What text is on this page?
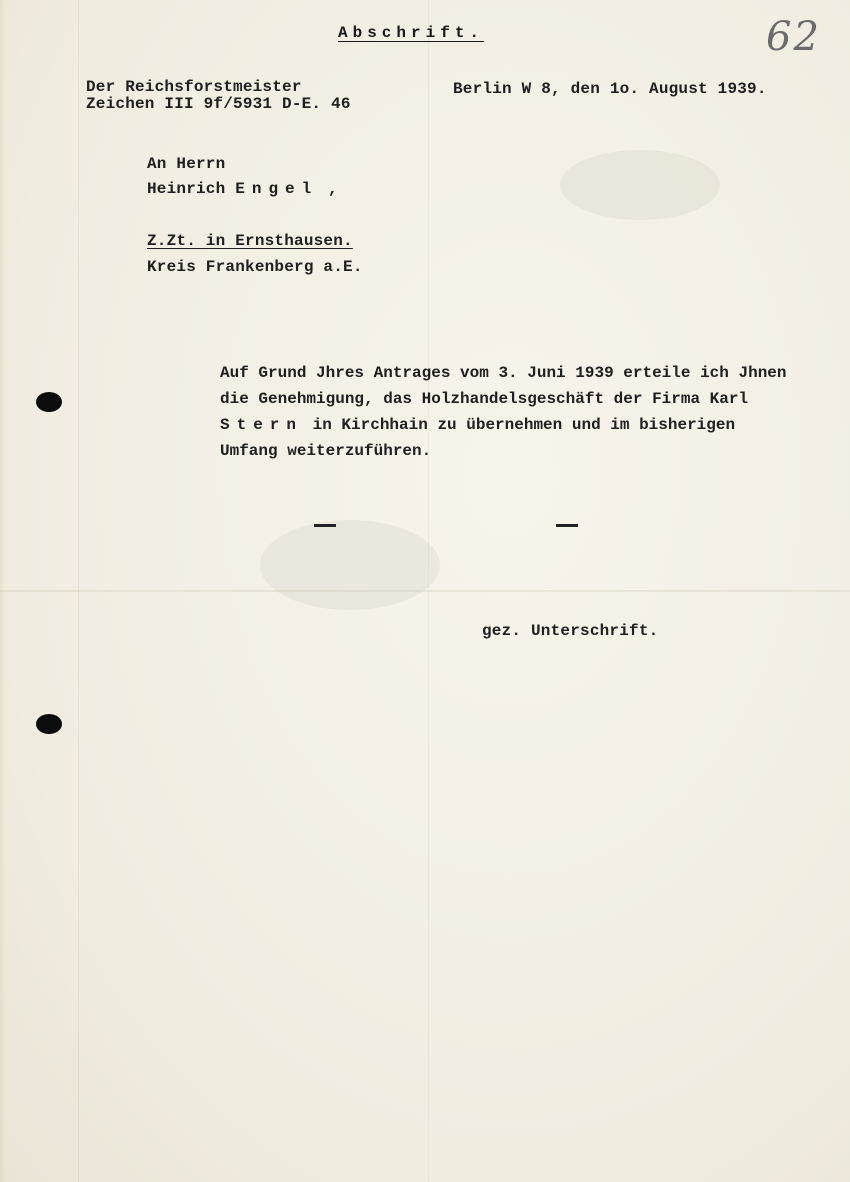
Abschrift.	62
Der Reichsforstmeister
Zeichen III 9f/5931 D-E. 46
Berlin W 8, den 1o. August 1939.
An Herrn
Heinrich Engel ,
Z.Zt. in Ernsthausen.
Kreis Frankenberg a.E.
Auf Grund Jhres Antrages vom 3. Juni 1939 erteile ich Jhnen
die Genehmigung, das Holzhandelsgeschäft der Firma Karl
Stern in Kirchhain zu übernehmen und im bisherigen
Umfang weiterzuführen.
gez. Unterschrift.
